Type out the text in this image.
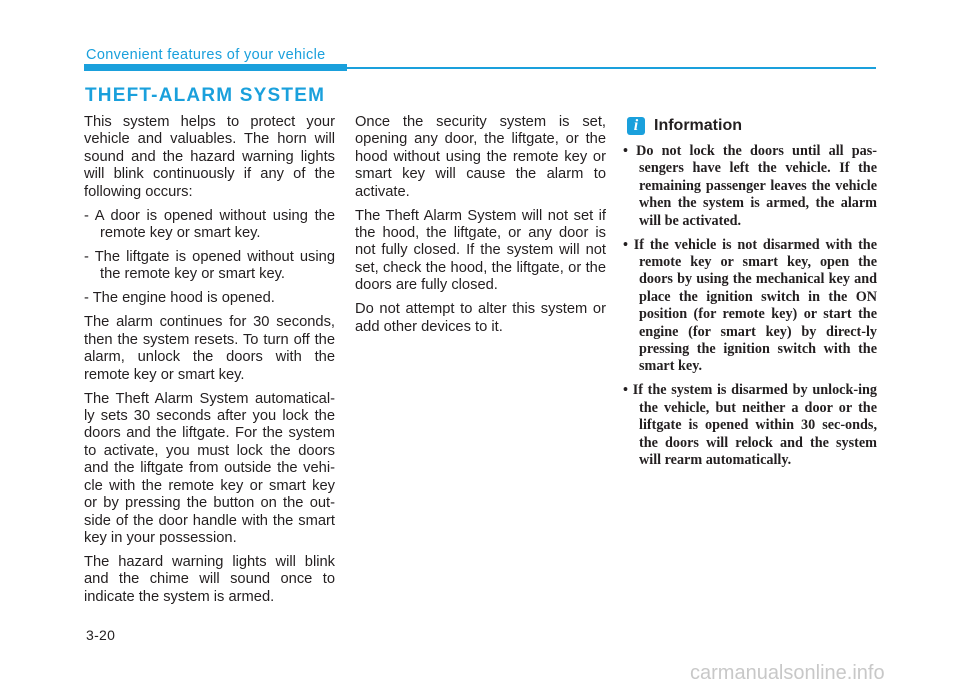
Convenient features of your vehicle
THEFT-ALARM SYSTEM

This system helps to protect your vehicle and valuables. The horn will sound and the hazard warning lights will blink continuously if any of the following occurs:

- A door is opened without using the remote key or smart key.
- The liftgate is opened without using the remote key or smart key.
- The engine hood is opened.

The alarm continues for 30 seconds, then the system resets. To turn off the alarm, unlock the doors with the remote key or smart key.

The Theft Alarm System automatical-ly sets 30 seconds after you lock the doors and the liftgate. For the system to activate, you must lock the doors and the liftgate from outside the vehi-cle with the remote key or smart key or by pressing the button on the out-side of the door handle with the smart key in your possession.

The hazard warning lights will blink and the chime will sound once to indicate the system is armed.

Once the security system is set, opening any door, the liftgate, or the hood without using the remote key or smart key will cause the alarm to activate.

The Theft Alarm System will not set if the hood, the liftgate, or any door is not fully closed. If the system will not set, check the hood, the liftgate, or the doors are fully closed.

Do not attempt to alter this system or add other devices to it.

i Information
• Do not lock the doors until all pas-sengers have left the vehicle. If the remaining passenger leaves the vehicle when the system is armed, the alarm will be activated.
• If the vehicle is not disarmed with the remote key or smart key, open the doors by using the mechanical key and place the ignition switch in the ON position (for remote key) or start the engine (for smart key) by direct-ly pressing the ignition switch with the smart key.
• If the system is disarmed by unlock-ing the vehicle, but neither a door or the liftgate is opened within 30 sec-onds, the doors will relock and the system will rearm automatically.
3-20
carmanualsonline.info
